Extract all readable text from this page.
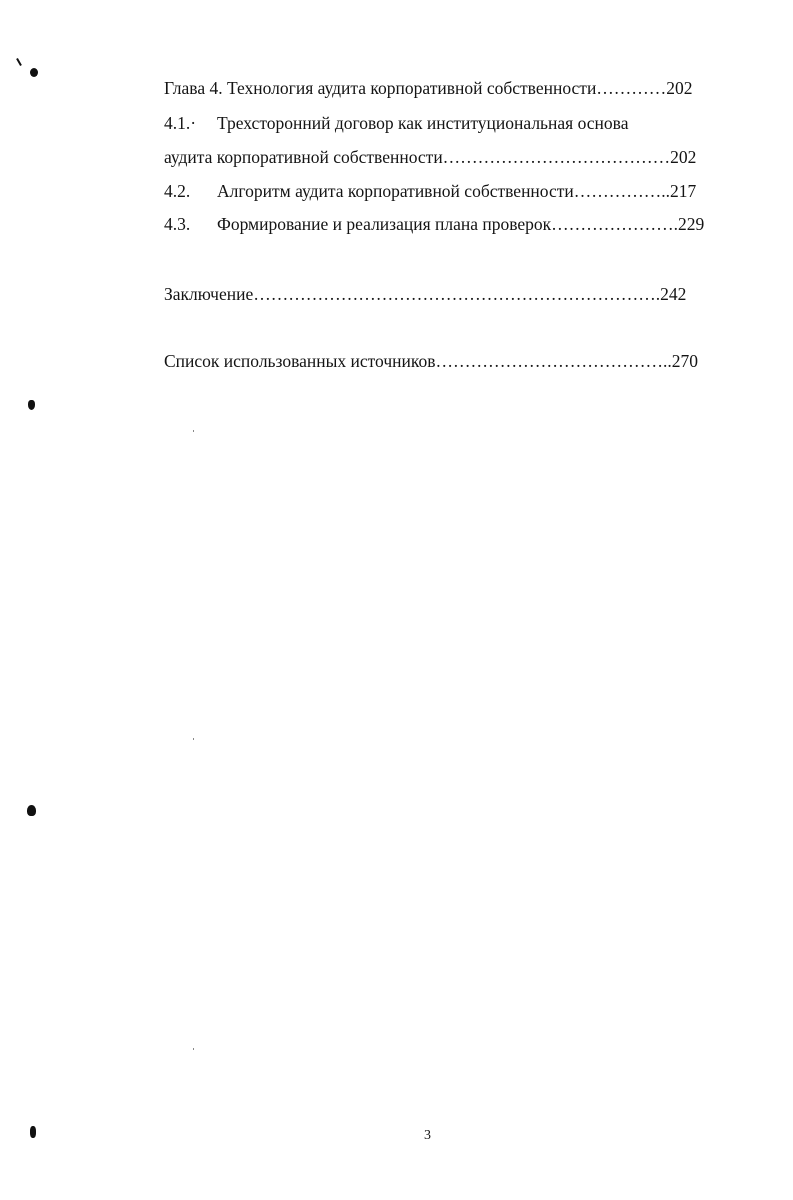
Глава 4. Технология аудита корпоративной собственности…………202
4.1.· Трехсторонний договор как институциональная основа
аудита корпоративной собственности…………………………………202
4.2. Алгоритм аудита корпоративной собственности……………..217
4.3. Формирование и реализация плана проверок………………….229
Заключение…………………………………………………………….242
Список использованных источников…………………………………..270
3
